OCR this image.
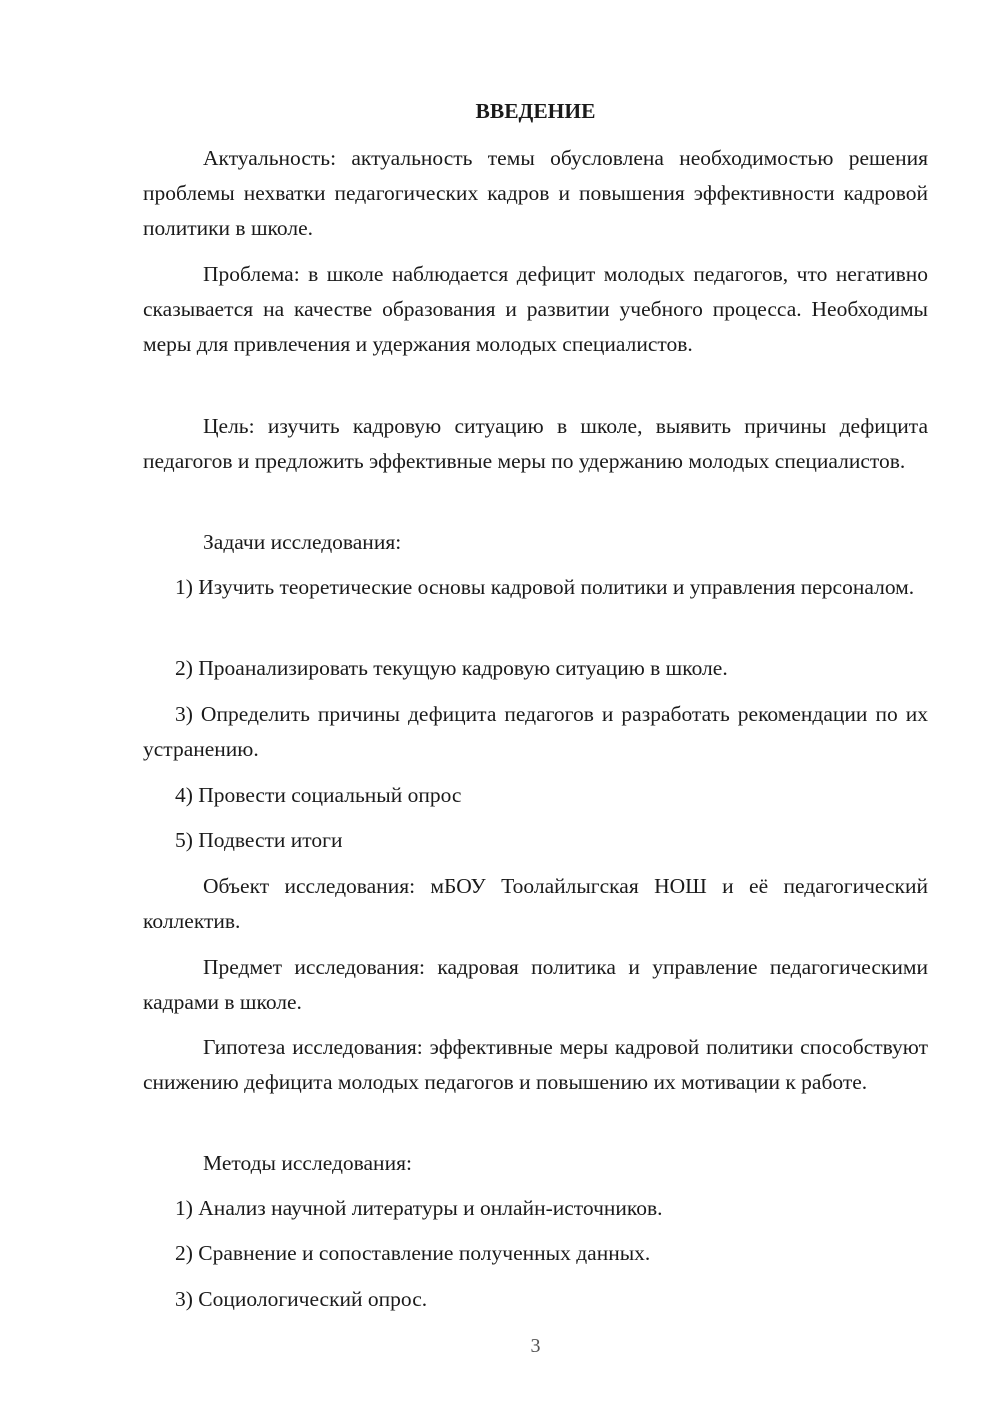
ВВЕДЕНИЕ
Актуальность: актуальность темы обусловлена необходимостью решения проблемы нехватки педагогических кадров и повышения эффективности кадровой политики в школе.
Проблема: в школе наблюдается дефицит молодых педагогов, что негативно сказывается на качестве образования и развитии учебного процесса. Необходимы меры для привлечения и удержания молодых специалистов.
Цель: изучить кадровую ситуацию в школе, выявить причины дефицита педагогов и предложить эффективные меры по удержанию молодых специалистов.
Задачи исследования:
1) Изучить теоретические основы кадровой политики и управления персоналом.
2) Проанализировать текущую кадровую ситуацию в школе.
3) Определить причины дефицита педагогов и разработать рекомендации по их устранению.
4) Провести социальный опрос
5) Подвести итоги
Объект исследования: мБОУ Тоолайлыгская НОШ и её педагогический коллектив.
Предмет исследования: кадровая политика и управление педагогическими кадрами в школе.
Гипотеза исследования: эффективные меры кадровой политики способствуют снижению дефицита молодых педагогов и повышению их мотивации к работе.
Методы исследования:
1) Анализ научной литературы и онлайн-источников.
2) Сравнение и сопоставление полученных данных.
3) Социологический опрос.
3
